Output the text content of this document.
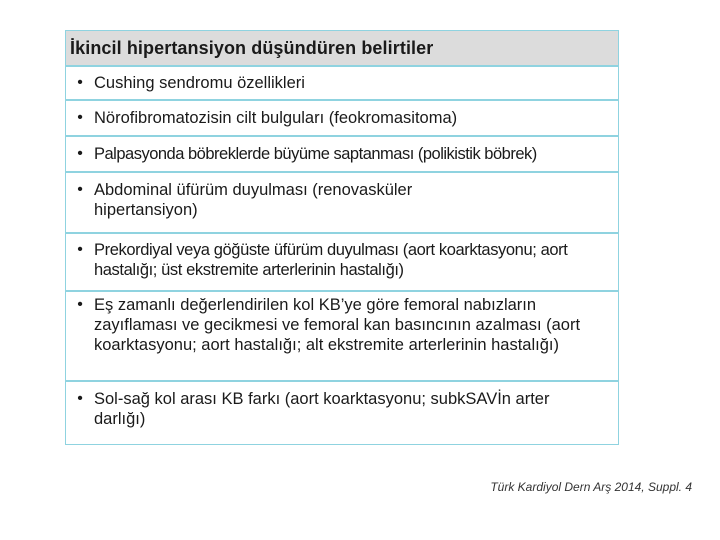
İkincil hipertansiyon düşündüren belirtiler
• Cushing sendromu özellikleri
• Nörofibromatozisin cilt bulguları (feokromasitoma)
• Palpasyonda böbreklerde büyüme saptanması (polikistik böbrek)
• Abdominal üfürüm duyulması (renovasküler hipertansiyon)
• Prekordiyal veya göğüste üfürüm duyulması (aort koarktasyonu; aort hastalığı; üst ekstremite arterlerinin hastalığı)
• Eş zamanlı değerlendirilen kol KB’ye göre femoral nabızların zayıflaması ve gecikmesi ve femoral kan basıncının azalması (aort koarktasyonu; aort hastalığı; alt ekstremite arterlerinin hastalığı)
• Sol-sağ kol arası KB farkı (aort koarktasyonu; subkSAVİn arter darlığı)
Türk Kardiyol Dern Arş 2014, Suppl. 4
